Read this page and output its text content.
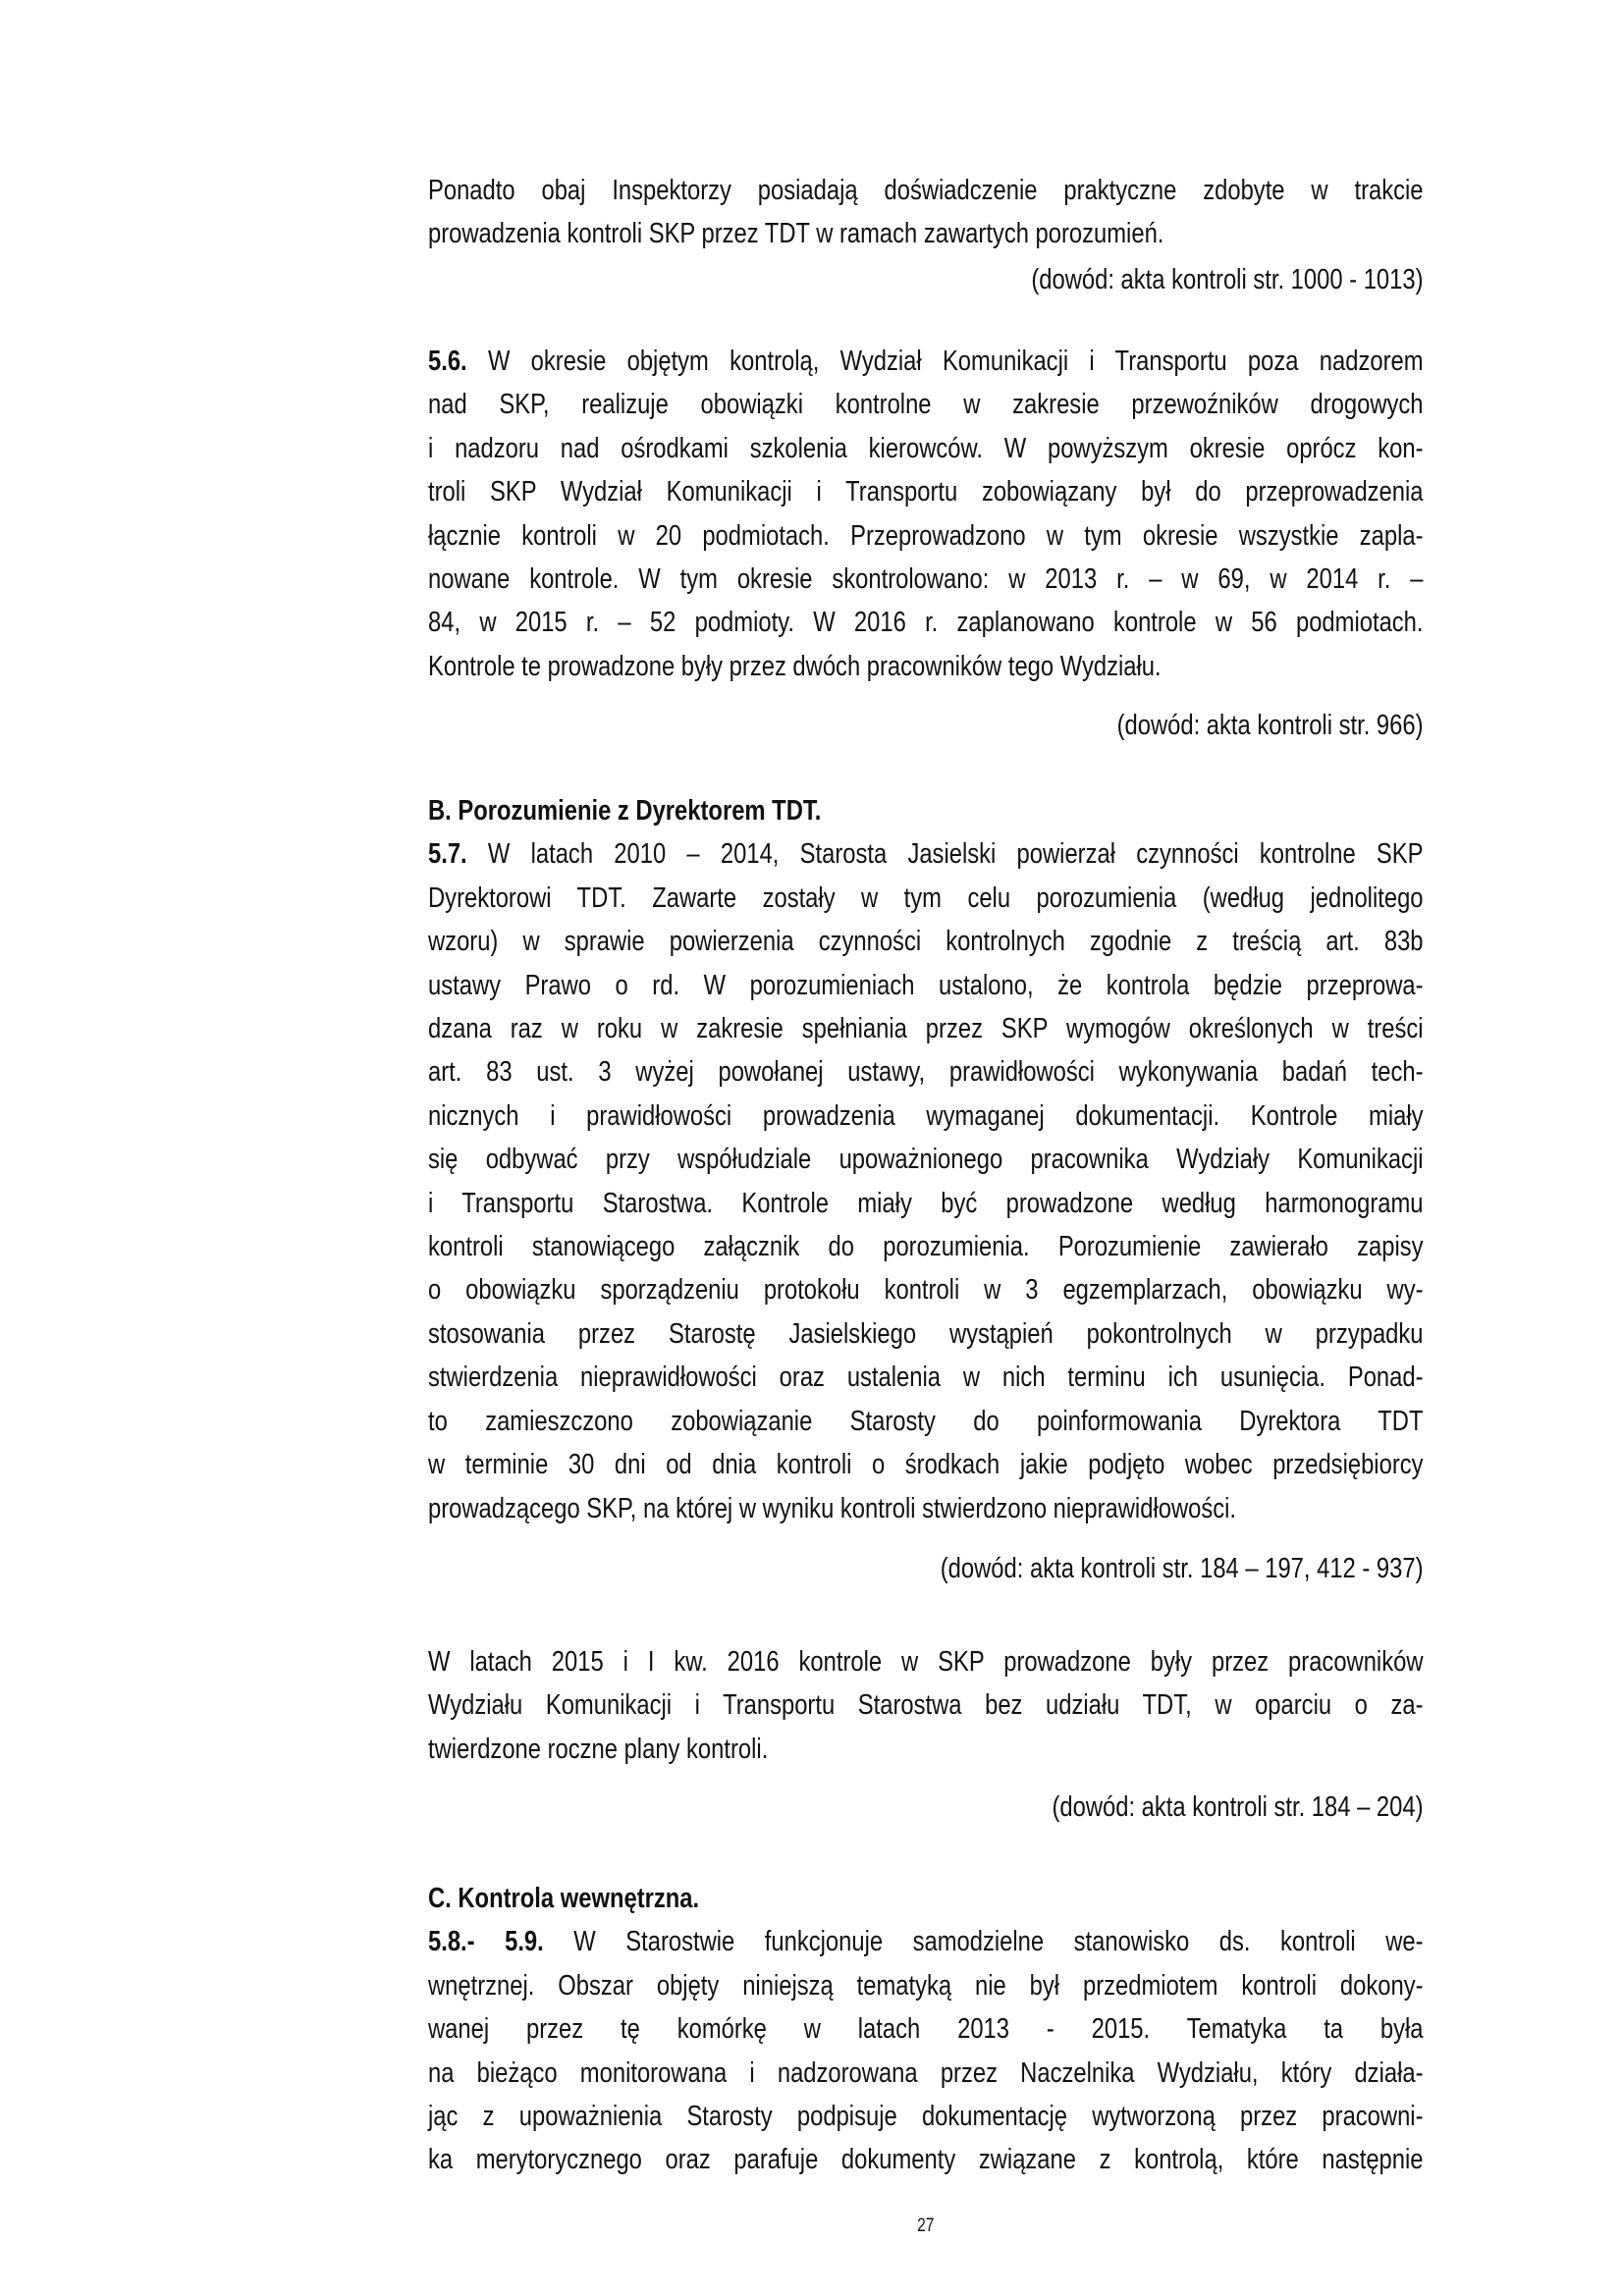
Ponadto obaj Inspektorzy posiadają doświadczenie praktyczne zdobyte w trakcie
prowadzenia kontroli SKP przez TDT w ramach zawartych porozumień.
(dowód: akta kontroli str. 1000 - 1013)
5.6. W okresie objętym kontrolą, Wydział Komunikacji i Transportu poza nadzorem
nad SKP, realizuje obowiązki kontrolne w zakresie przewoźników drogowych
i nadzoru nad ośrodkami szkolenia kierowców. W powyższym okresie oprócz kon-
troli SKP Wydział Komunikacji i Transportu zobowiązany był do przeprowadzenia
łącznie kontroli w 20 podmiotach. Przeprowadzono w tym okresie wszystkie zapla-
nowane kontrole. W tym okresie skontrolowano: w 2013 r. – w 69, w 2014 r. –
84, w 2015 r. – 52 podmioty. W 2016 r. zaplanowano kontrole w 56 podmiotach.
Kontrole te prowadzone były przez dwóch pracowników tego Wydziału.
(dowód: akta kontroli str. 966)
B. Porozumienie z Dyrektorem TDT.
5.7. W latach 2010 – 2014, Starosta Jasielski powierzał czynności kontrolne SKP
Dyrektorowi TDT. Zawarte zostały w tym celu porozumienia (według jednolitego
wzoru) w sprawie powierzenia czynności kontrolnych zgodnie z treścią art. 83b
ustawy Prawo o rd. W porozumieniach ustalono, że kontrola będzie przeprowa-
dzana raz w roku w zakresie spełniania przez SKP wymogów określonych w treści
art. 83 ust. 3 wyżej powołanej ustawy, prawidłowości wykonywania badań tech-
nicznych i prawidłowości prowadzenia wymaganej dokumentacji. Kontrole miały
się odbywać przy współudziale upoważnionego pracownika Wydziały Komunikacji
i Transportu Starostwa. Kontrole miały być prowadzone według harmonogramu
kontroli stanowiącego załącznik do porozumienia. Porozumienie zawierało zapisy
o obowiązku sporządzeniu protokołu kontroli w 3 egzemplarzach, obowiązku wy-
stosowania przez Starostę Jasielskiego wystąpień pokontrolnych w przypadku
stwierdzenia nieprawidłowości oraz ustalenia w nich terminu ich usunięcia. Ponad-
to zamieszczono zobowiązanie Starosty do poinformowania Dyrektora TDT
w terminie 30 dni od dnia kontroli o środkach jakie podjęto wobec przedsiębiorcy
prowadzącego SKP, na której w wyniku kontroli stwierdzono nieprawidłowości.
(dowód: akta kontroli str. 184 – 197, 412 - 937)
W latach 2015 i I kw. 2016 kontrole w SKP prowadzone były przez pracowników
Wydziału Komunikacji i Transportu Starostwa bez udziału TDT, w oparciu o za-
twierdzone roczne plany kontroli.
(dowód: akta kontroli str. 184 – 204)
C. Kontrola wewnętrzna.
5.8.- 5.9. W Starostwie funkcjonuje samodzielne stanowisko ds. kontroli we-
wnętrznej. Obszar objęty niniejszą tematyką nie był przedmiotem kontroli dokony-
wanej przez tę komórkę w latach 2013 - 2015. Tematyka ta była
na bieżąco monitorowana i nadzorowana przez Naczelnika Wydziału, który działa-
jąc z upoważnienia Starosty podpisuje dokumentację wytworzoną przez pracowni-
ka merytorycznego oraz parafuje dokumenty związane z kontrolą, które następnie
27
